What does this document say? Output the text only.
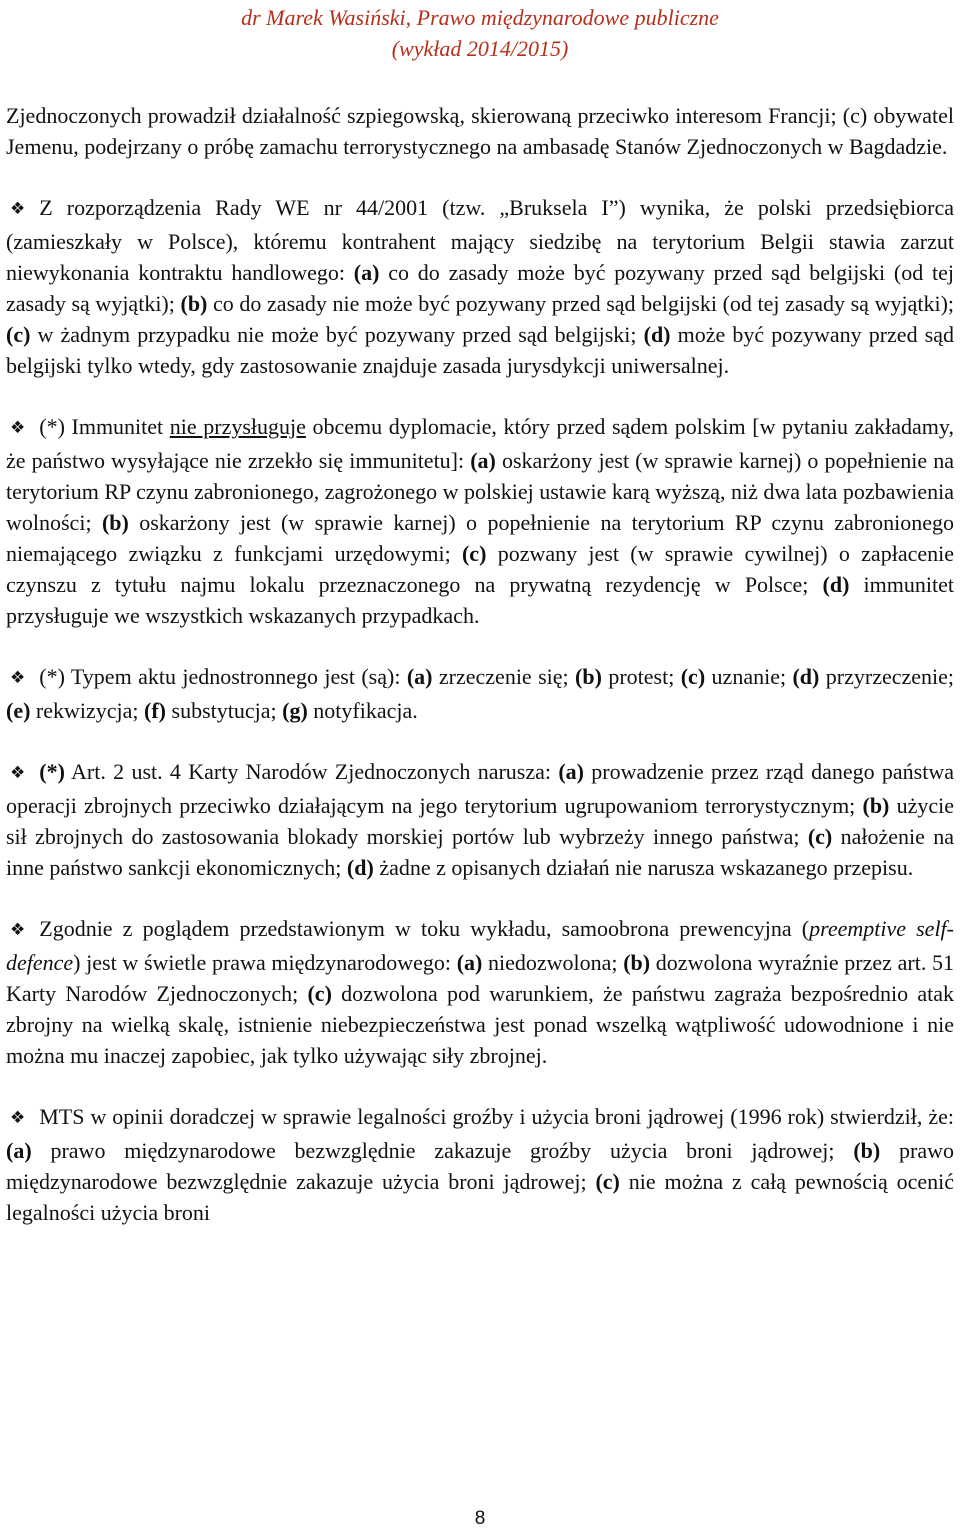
dr Marek Wasiński, Prawo międzynarodowe publiczne
(wykład 2014/2015)

Zjednoczonych prowadził działalność szpiegowską, skierowaną przeciwko interesom Francji; (c) obywatel Jemenu, podejrzany o próbę zamachu terrorystycznego na ambasadę Stanów Zjednoczonych w Bagdadzie.

❖ Z rozporządzenia Rady WE nr 44/2001 (tzw. „Bruksela I”) wynika, że polski przedsiębiorca (zamieszkały w Polsce), któremu kontrahent mający siedzibę na terytorium Belgii stawia zarzut niewykonania kontraktu handlowego: (a) co do zasady może być pozywany przed sąd belgijski (od tej zasady są wyjątki); (b) co do zasady nie może być pozywany przed sąd belgijski (od tej zasady są wyjątki); (c) w żadnym przypadku nie może być pozywany przed sąd belgijski; (d) może być pozywany przed sąd belgijski tylko wtedy, gdy zastosowanie znajduje zasada jurysdykcji uniwersalnej.

❖ (*) Immunitet nie przysługuje obcemu dyplomacie, który przed sądem polskim [w pytaniu zakładamy, że państwo wysyłające nie zrzekło się immunitetu]: (a) oskarżony jest (w sprawie karnej) o popełnienie na terytorium RP czynu zabronionego, zagrożonego w polskiej ustawie karą wyższą, niż dwa lata pozbawienia wolności; (b) oskarżony jest (w sprawie karnej) o popełnienie na terytorium RP czynu zabronionego niemającego związku z funkcjami urzędowymi; (c) pozwany jest (w sprawie cywilnej) o zapłacenie czynszu z tytułu najmu lokalu przeznaczonego na prywatną rezydencję w Polsce; (d) immunitet przysługuje we wszystkich wskazanych przypadkach.

❖ (*) Typem aktu jednostronnego jest (są): (a) zrzeczenie się; (b) protest; (c) uznanie; (d) przyrzeczenie; (e) rekwizycja; (f) substytucja; (g) notyfikacja.

❖ (*) Art. 2 ust. 4 Karty Narodów Zjednoczonych narusza: (a) prowadzenie przez rząd danego państwa operacji zbrojnych przeciwko działającym na jego terytorium ugrupowaniom terrorystycznym; (b) użycie sił zbrojnych do zastosowania blokady morskiej portów lub wybrzeży innego państwa; (c) nałożenie na inne państwo sankcji ekonomicznych; (d) żadne z opisanych działań nie narusza wskazanego przepisu.

❖ Zgodnie z poglądem przedstawionym w toku wykładu, samoobrona prewencyjna (preemptive self-defence) jest w świetle prawa międzynarodowego: (a) niedozwolona; (b) dozwolona wyraźnie przez art. 51 Karty Narodów Zjednoczonych; (c) dozwolona pod warunkiem, że państwu zagraża bezpośrednio atak zbrojny na wielką skalę, istnienie niebezpieczeństwa jest ponad wszelką wątpliwość udowodnione i nie można mu inaczej zapobiec, jak tylko używając siły zbrojnej.

❖ MTS w opinii doradczej w sprawie legalności groźby i użycia broni jądrowej (1996 rok) stwierdził, że: (a) prawo międzynarodowe bezwzględnie zakazuje groźby użycia broni jądrowej; (b) prawo międzynarodowe bezwzględnie zakazuje użycia broni jądrowej; (c) nie można z całą pewnością ocenić legalności użycia broni

8
